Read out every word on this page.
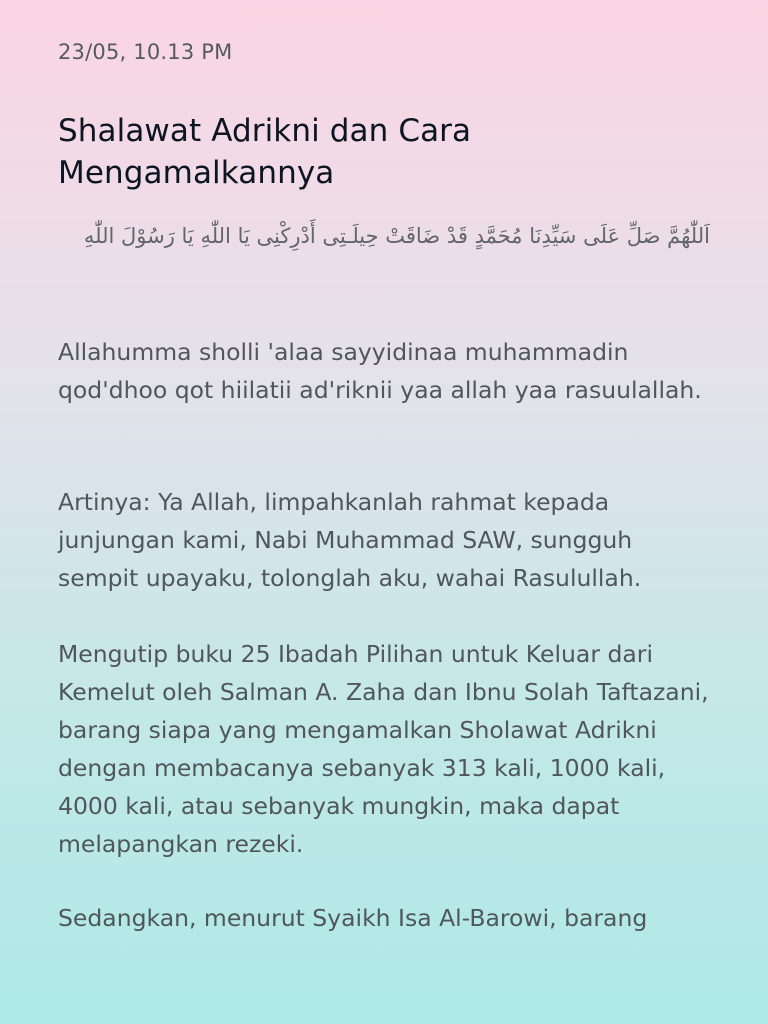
23/05, 10.13 PM
Shalawat Adrikni dan Cara Mengamalkannya
اَللّٰهُمَّ صَلِّ عَلَى سَيِّدِنَا مُحَمَّدٍ قَدْ ضَاقَتْ حِيلَـتِى أَدْرِكْنِى يَا اللّٰهِ يَا رَسُوْلَ اللّٰهِ

Allahumma sholli 'alaa sayyidinaa muhammadin qod'dhoo qot hiilatii ad'riknii yaa allah yaa rasuulallah.

Artinya: Ya Allah, limpahkanlah rahmat kepada junjungan kami, Nabi Muhammad SAW, sungguh sempit upayaku, tolonglah aku, wahai Rasulullah.

Mengutip buku 25 Ibadah Pilihan untuk Keluar dari Kemelut oleh Salman A. Zaha dan Ibnu Solah Taftazani, barang siapa yang mengamalkan Sholawat Adrikni dengan membacanya sebanyak 313 kali, 1000 kali, 4000 kali, atau sebanyak mungkin, maka dapat melapangkan rezeki.

Sedangkan, menurut Syaikh Isa Al-Barowi, barang
